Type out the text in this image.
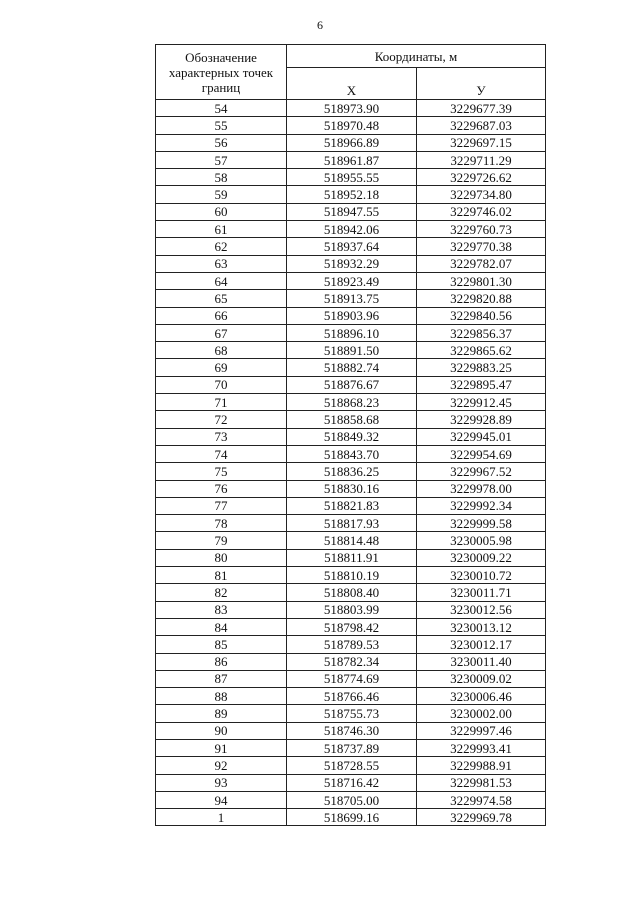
6
Обозначение характерных точек границ	Координаты, м	
	Х	У
54	518973.90	3229677.39
55	518970.48	3229687.03
56	518966.89	3229697.15
57	518961.87	3229711.29
58	518955.55	3229726.62
59	518952.18	3229734.80
60	518947.55	3229746.02
61	518942.06	3229760.73
62	518937.64	3229770.38
63	518932.29	3229782.07
64	518923.49	3229801.30
65	518913.75	3229820.88
66	518903.96	3229840.56
67	518896.10	3229856.37
68	518891.50	3229865.62
69	518882.74	3229883.25
70	518876.67	3229895.47
71	518868.23	3229912.45
72	518858.68	3229928.89
73	518849.32	3229945.01
74	518843.70	3229954.69
75	518836.25	3229967.52
76	518830.16	3229978.00
77	518821.83	3229992.34
78	518817.93	3229999.58
79	518814.48	3230005.98
80	518811.91	3230009.22
81	518810.19	3230010.72
82	518808.40	3230011.71
83	518803.99	3230012.56
84	518798.42	3230013.12
85	518789.53	3230012.17
86	518782.34	3230011.40
87	518774.69	3230009.02
88	518766.46	3230006.46
89	518755.73	3230002.00
90	518746.30	3229997.46
91	518737.89	3229993.41
92	518728.55	3229988.91
93	518716.42	3229981.53
94	518705.00	3229974.58
1	518699.16	3229969.78
